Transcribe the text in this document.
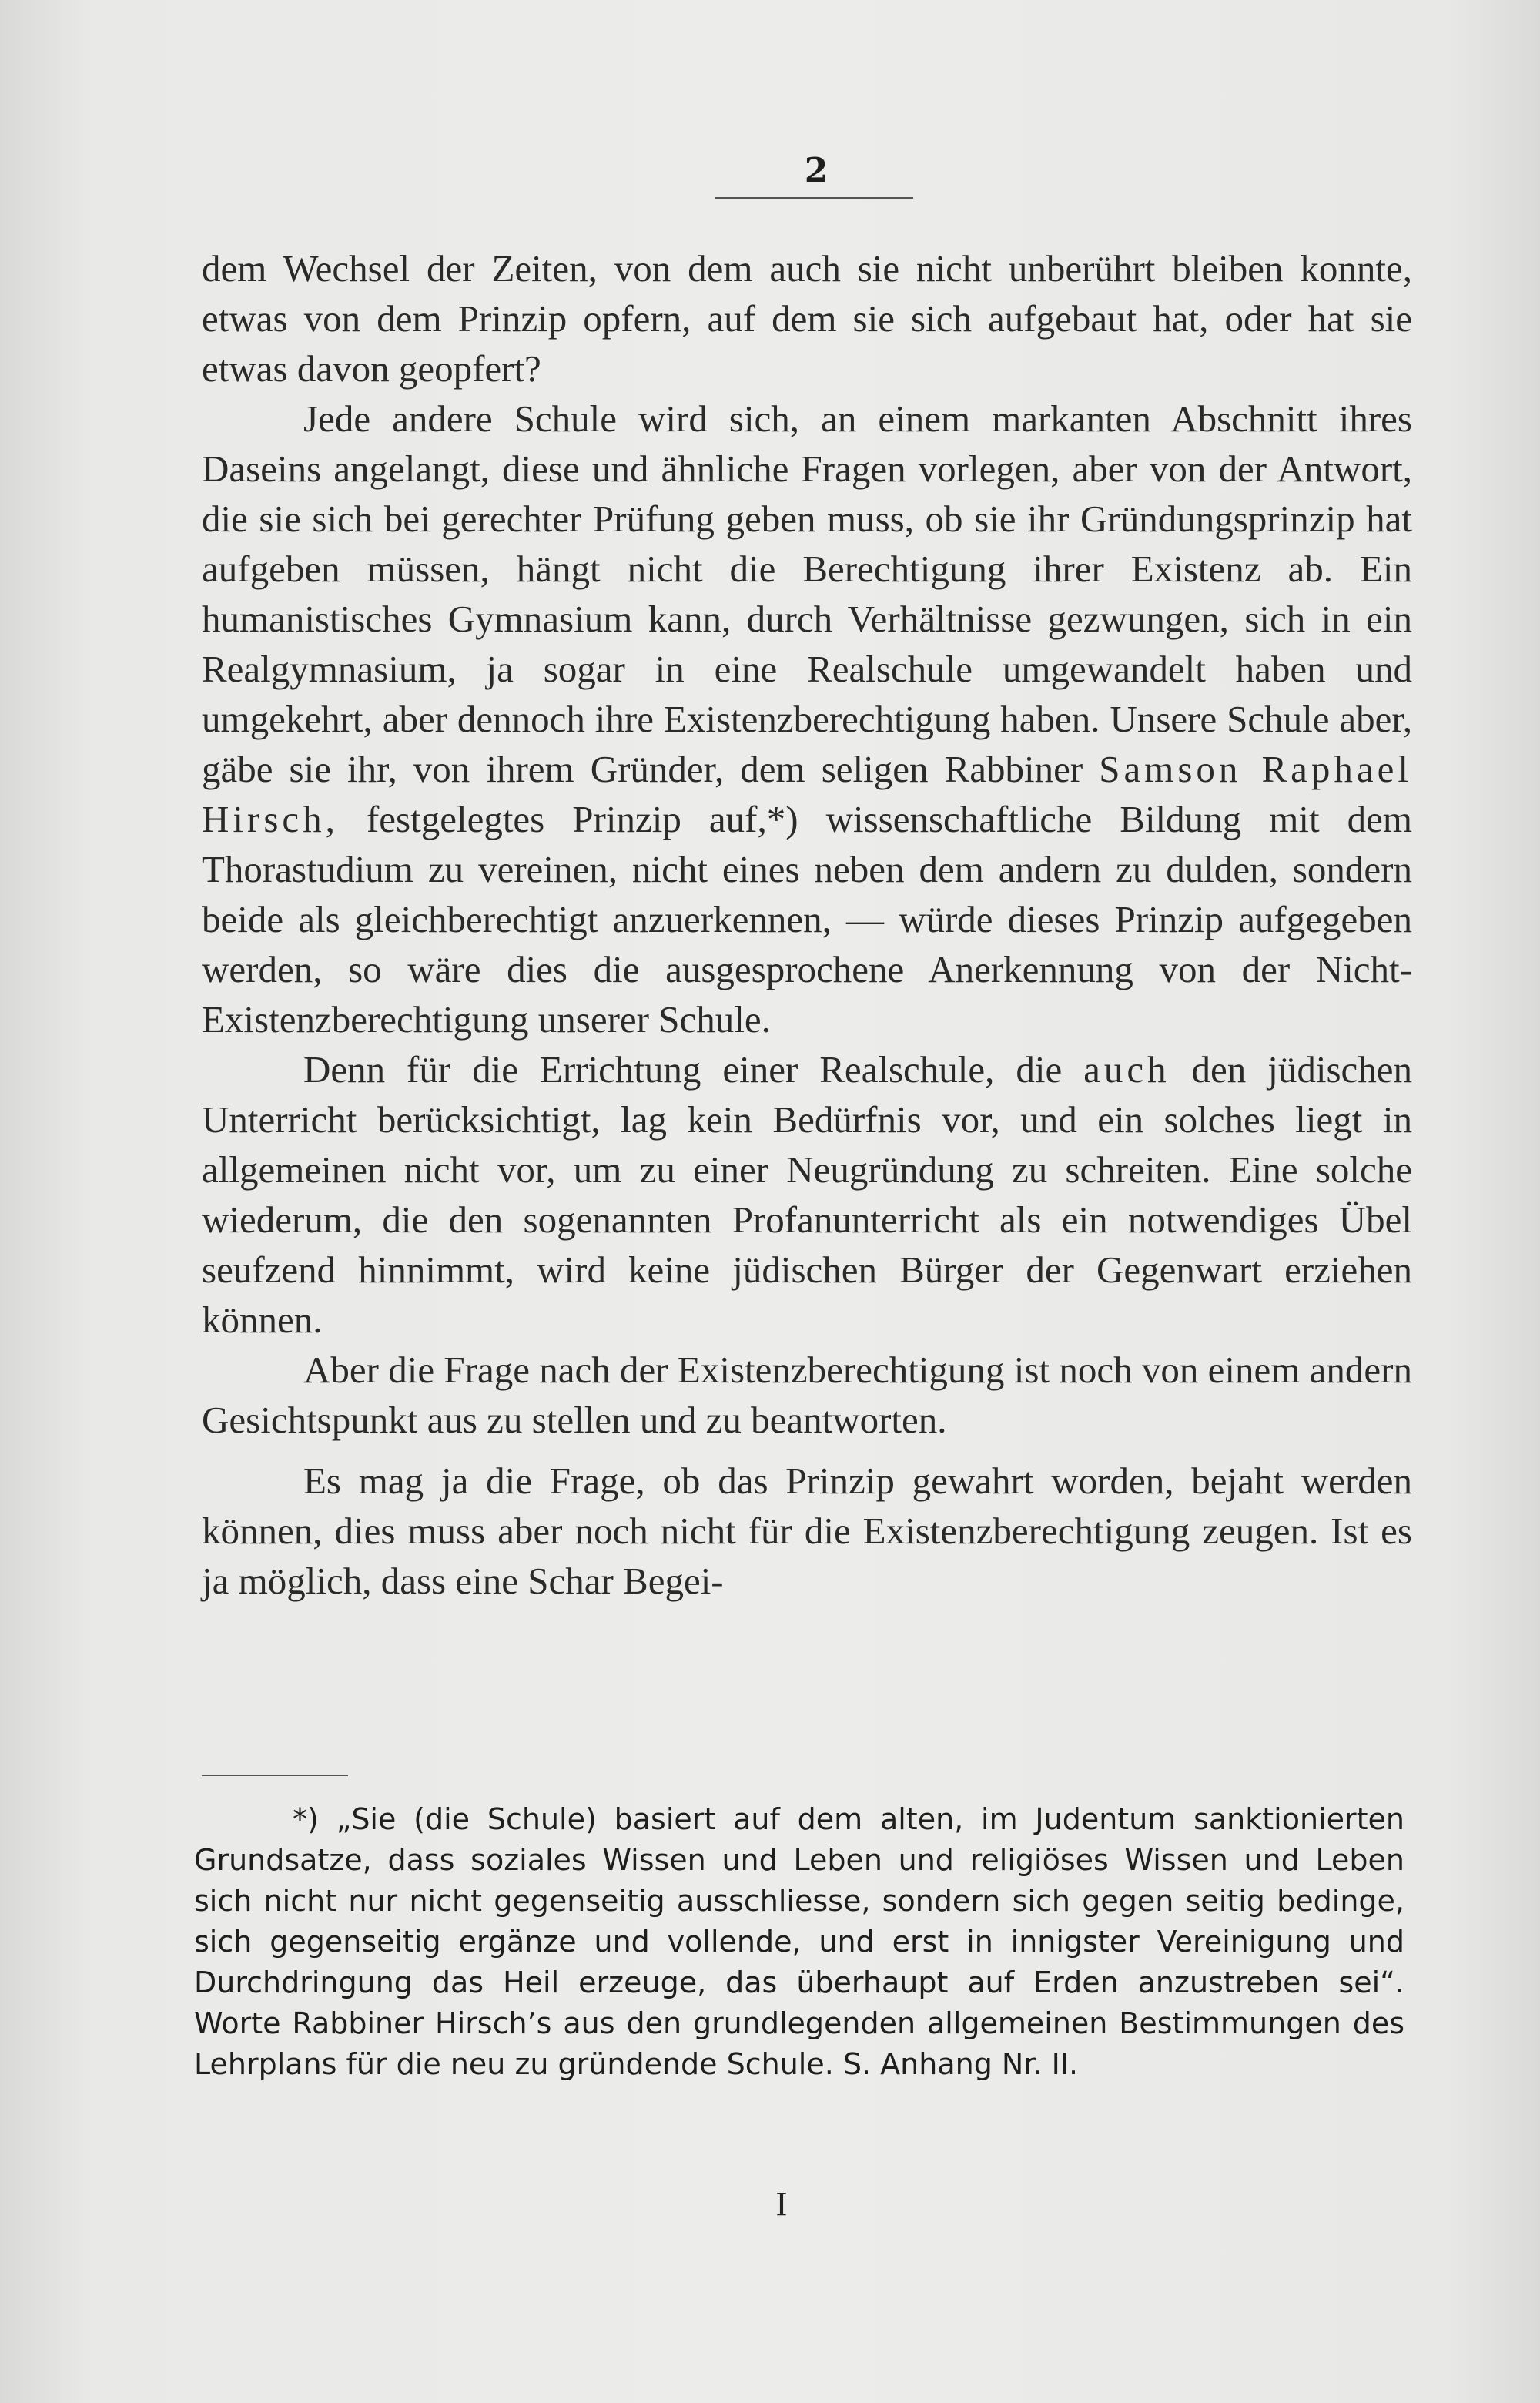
2

dem Wechsel der Zeiten, von dem auch sie nicht unberührt bleiben konnte, etwas von dem Prinzip opfern, auf dem sie sich aufgebaut hat, oder hat sie etwas davon geopfert?

Jede andere Schule wird sich, an einem markanten Abschnitt ihres Daseins angelangt, diese und ähnliche Fragen vorlegen, aber von der Antwort, die sie sich bei gerechter Prüfung geben muss, ob sie ihr Gründungsprinzip hat aufgeben müssen, hängt nicht die Berechtigung ihrer Existenz ab. Ein humanistisches Gymnasium kann, durch Verhältnisse gezwungen, sich in ein Realgymnasium, ja sogar in eine Realschule umgewandelt haben und umgekehrt, aber dennoch ihre Existenzberechtigung haben. Unsere Schule aber, gäbe sie ihr, von ihrem Gründer, dem seligen Rabbiner Samson Raphael Hirsch, festgelegtes Prinzip auf,*) wissenschaftliche Bildung mit dem Thorastudium zu vereinen, nicht eines neben dem andern zu dulden, sondern beide als gleichberechtigt anzuerkennen, — würde dieses Prinzip aufgegeben werden, so wäre dies die ausgesprochene Anerkennung von der Nicht-Existenzberechtigung unserer Schule.

Denn für die Errichtung einer Realschule, die auch den jüdischen Unterricht berücksichtigt, lag kein Bedürfnis vor, und ein solches liegt in allgemeinen nicht vor, um zu einer Neugründung zu schreiten. Eine solche wiederum, die den sogenannten Profanunterricht als ein notwendiges Übel seufzend hinnimmt, wird keine jüdischen Bürger der Gegenwart erziehen können.

Aber die Frage nach der Existenzberechtigung ist noch von einem andern Gesichtspunkt aus zu stellen und zu beantworten.

Es mag ja die Frage, ob das Prinzip gewahrt worden, bejaht werden können, dies muss aber noch nicht für die Existenzberechtigung zeugen. Ist es ja möglich, dass eine Schar Begei-

*) „Sie (die Schule) basiert auf dem alten, im Judentum sanktionierten Grundsatze, dass soziales Wissen und Leben und religiöses Wissen und Leben sich nicht nur nicht gegenseitig ausschliesse, sondern sich gegen seitig bedinge, sich gegenseitig ergänze und vollende, und erst in innigster Vereinigung und Durchdringung das Heil erzeuge, das überhaupt auf Erden anzustreben sei“. Worte Rabbiner Hirsch’s aus den grundlegenden allgemeinen Bestimmungen des Lehrplans für die neu zu gründende Schule. S. Anhang Nr. II.

I
